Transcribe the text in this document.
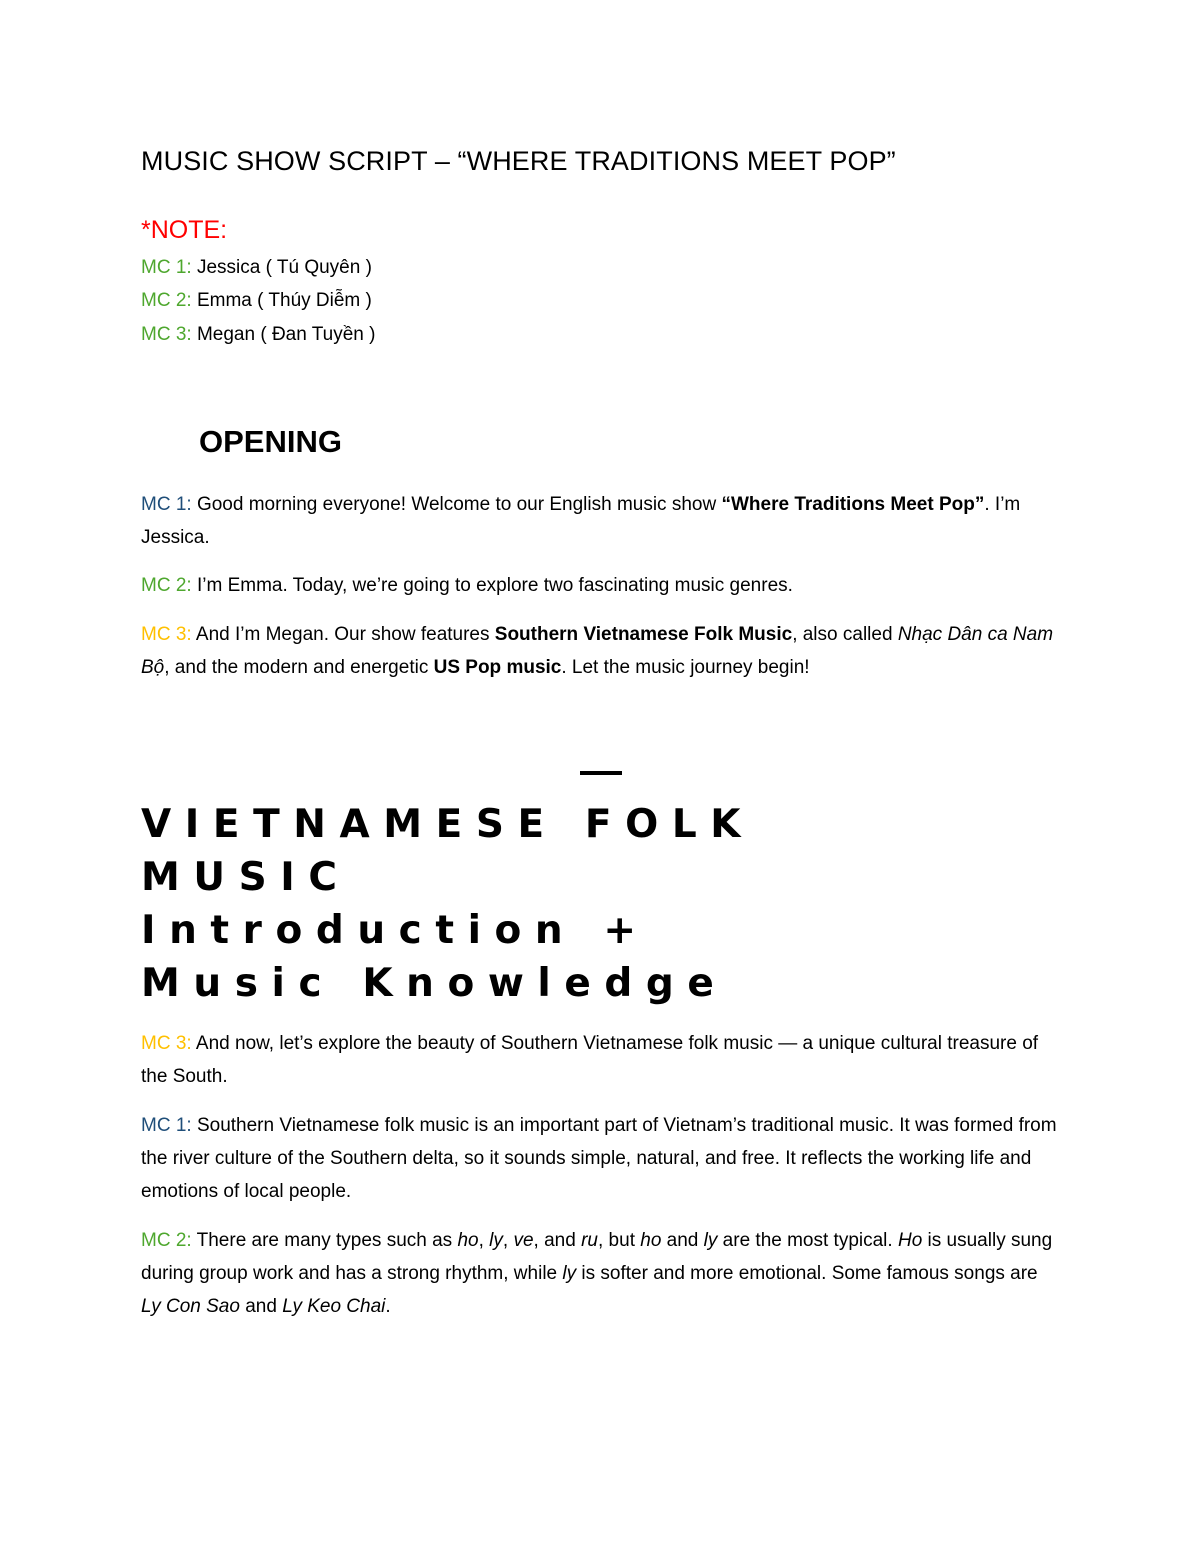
MUSIC SHOW SCRIPT – “WHERE TRADITIONS MEET POP”
*NOTE:
MC 1: Jessica ( Tú Quyên )
MC 2: Emma ( Thúy Diễm )
MC 3: Megan ( Đan Tuyền )
OPENING
MC 1: Good morning everyone! Welcome to our English music show “Where Traditions Meet Pop”. I’m Jessica.
MC 2: I’m Emma. Today, we’re going to explore two fascinating music genres.
MC 3: And I’m Megan. Our show features Southern Vietnamese Folk Music, also called Nhạc Dân ca Nam Bộ, and the modern and energetic US Pop music. Let the music journey begin!
V I E T N A M E S E   F O L K
M U S I C
I n t r o d u c t i o n   +
M u s i c   K n o w l e d g e
MC 3: And now, let’s explore the beauty of Southern Vietnamese folk music — a unique cultural treasure of the South.
MC 1: Southern Vietnamese folk music is an important part of Vietnam’s traditional music. It was formed from the river culture of the Southern delta, so it sounds simple, natural, and free. It reflects the working life and emotions of local people.
MC 2: There are many types such as ho, ly, ve, and ru, but ho and ly are the most typical. Ho is usually sung during group work and has a strong rhythm, while ly is softer and more emotional. Some famous songs are Ly Con Sao and Ly Keo Chai.
